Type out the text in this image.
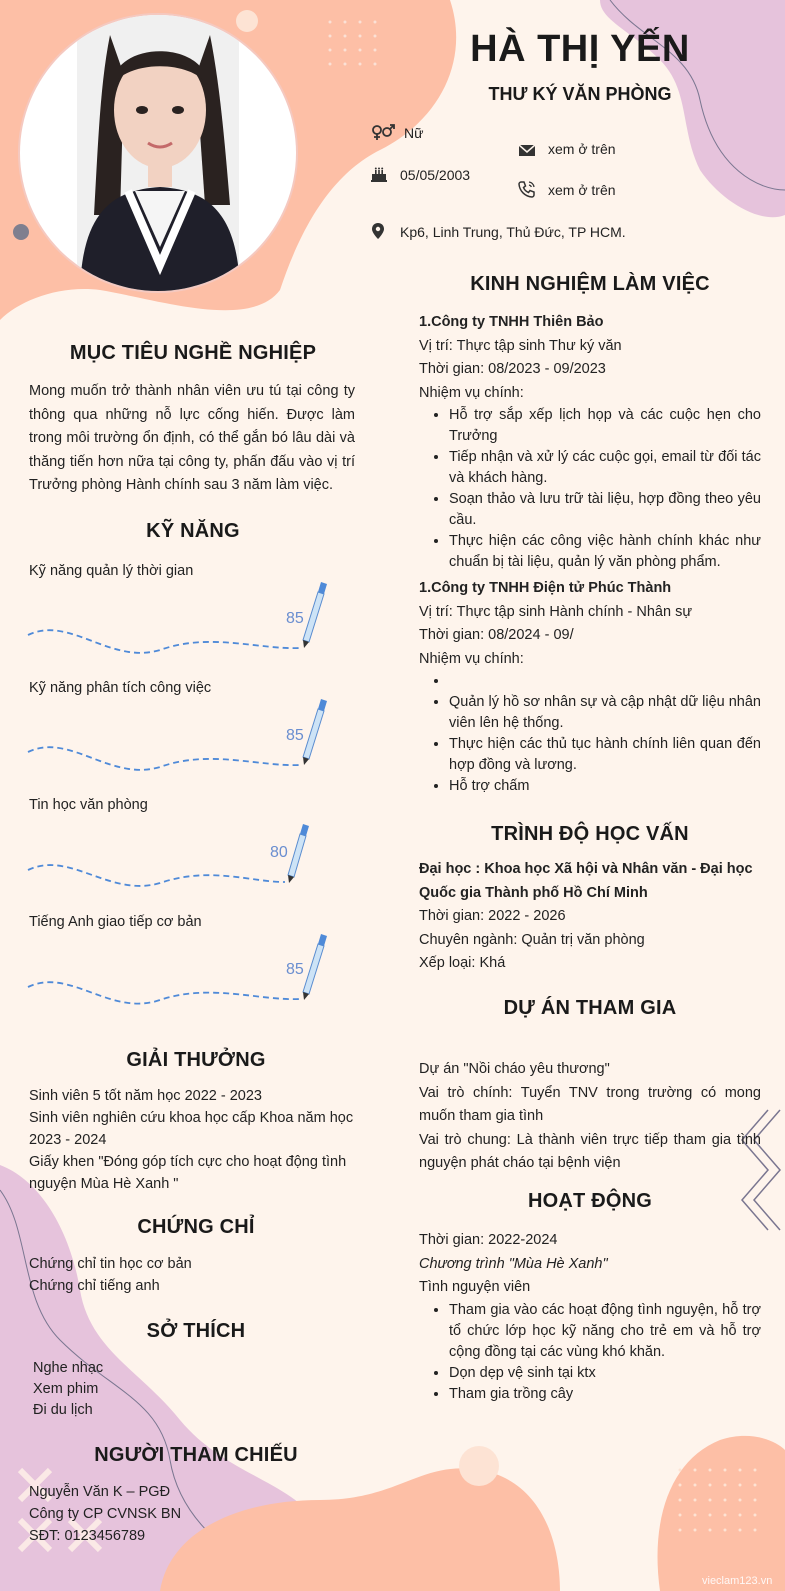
HÀ THỊ YẾN
THƯ KÝ VĂN PHÒNG
Nữ
05/05/2003
xem ở trên
xem ở trên
Kp6, Linh Trung, Thủ Đức, TP HCM.
MỤC TIÊU NGHỀ NGHIỆP
Mong muốn trở thành nhân viên ưu tú tại công ty thông qua những nỗ lực cống hiến. Được làm trong môi trường ổn định, có thể gắn bó lâu dài và thăng tiến hơn nữa tại công ty, phấn đấu vào vị trí Trưởng phòng Hành chính sau 3 năm làm việc.
KỸ NĂNG
Kỹ năng quản lý thời gian
85
Kỹ năng phân tích công việc
85
Tin học văn phòng
80
Tiếng Anh giao tiếp cơ bản
85
GIẢI THƯỞNG
Sinh viên 5 tốt năm học 2022 - 2023
Sinh viên nghiên cứu khoa học cấp Khoa năm học 2023 - 2024
Giấy khen "Đóng góp tích cực cho hoạt động tình nguyện Mùa Hè Xanh "
CHỨNG CHỈ
Chứng chỉ tin học cơ bản
Chứng chỉ tiếng anh
SỞ THÍCH
Nghe nhạc
Xem phim
Đi du lịch
NGƯỜI THAM CHIẾU
Nguyễn Văn K – PGĐ
Công ty CP CVNSK BN
SĐT: 0123456789
KINH NGHIỆM LÀM VIỆC
1.Công ty TNHH Thiên Bảo
Vị trí: Thực tập sinh Thư ký văn
Thời gian: 08/2023 - 09/2023
Nhiệm vụ chính:
• Hỗ trợ sắp xếp lịch họp và các cuộc hẹn cho Trưởng
• Tiếp nhận và xử lý các cuộc gọi, email từ đối tác và khách hàng.
• Soạn thảo và lưu trữ tài liệu, hợp đồng theo yêu cầu.
• Thực hiện các công việc hành chính khác như chuẩn bị tài liệu, quản lý văn phòng phẩm.
1.Công ty TNHH Điện tử Phúc Thành
Vị trí: Thực tập sinh Hành chính - Nhân sự
Thời gian: 08/2024 - 09/
Nhiệm vụ chính:
•
• Quản lý hồ sơ nhân sự và cập nhật dữ liệu nhân viên lên hệ thống.
• Thực hiện các thủ tục hành chính liên quan đến hợp đồng và lương.
• Hỗ trợ chấm
TRÌNH ĐỘ HỌC VẤN
Đại học : Khoa học Xã hội và Nhân văn - Đại học Quốc gia Thành phố Hồ Chí Minh
Thời gian: 2022 - 2026
Chuyên ngành: Quản trị văn phòng
Xếp loại: Khá
DỰ ÁN THAM GIA
Dự án "Nồi cháo yêu thương"
Vai trò chính: Tuyển TNV trong trường có mong muốn tham gia tình
Vai trò chung: Là thành viên trực tiếp tham gia tình nguyện phát cháo tại bệnh viện
HOẠT ĐỘNG
Thời gian: 2022-2024
Chương trình "Mùa Hè Xanh"
Tình nguyện viên
• Tham gia vào các hoạt động tình nguyện, hỗ trợ tổ chức lớp học kỹ năng cho trẻ em và hỗ trợ cộng đồng tại các vùng khó khăn.
• Dọn dẹp vệ sinh tại ktx
• Tham gia trồng cây
vieclam123.vn
